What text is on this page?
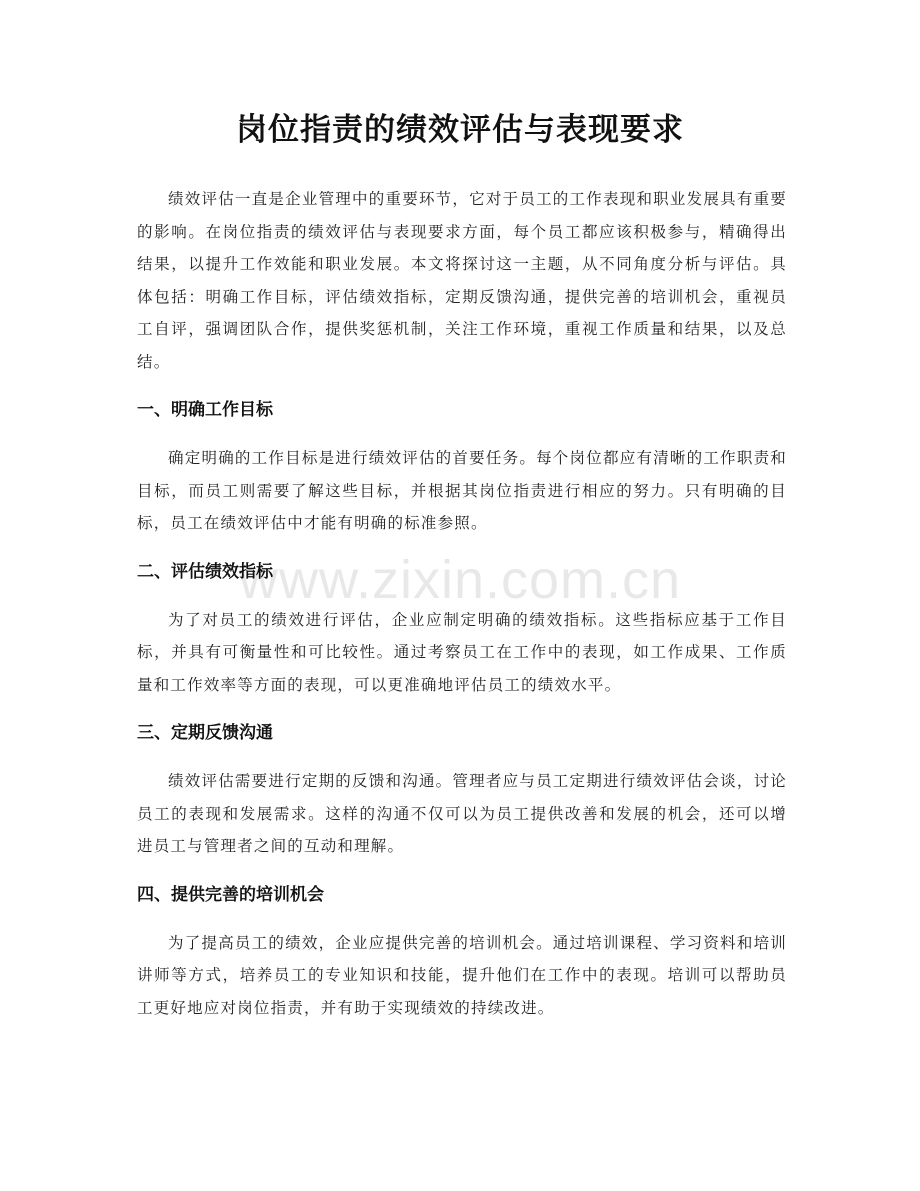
岗位指责的绩效评估与表现要求

绩效评估一直是企业管理中的重要环节，它对于员工的工作表现和职业发展具有重要的影响。在岗位指责的绩效评估与表现要求方面，每个员工都应该积极参与，精确得出结果，以提升工作效能和职业发展。本文将探讨这一主题，从不同角度分析与评估。具体包括：明确工作目标，评估绩效指标，定期反馈沟通，提供完善的培训机会，重视员工自评，强调团队合作，提供奖惩机制，关注工作环境，重视工作质量和结果，以及总结。

一、明确工作目标

确定明确的工作目标是进行绩效评估的首要任务。每个岗位都应有清晰的工作职责和目标，而员工则需要了解这些目标，并根据其岗位指责进行相应的努力。只有明确的目标，员工在绩效评估中才能有明确的标准参照。

二、评估绩效指标

为了对员工的绩效进行评估，企业应制定明确的绩效指标。这些指标应基于工作目标，并具有可衡量性和可比较性。通过考察员工在工作中的表现，如工作成果、工作质量和工作效率等方面的表现，可以更准确地评估员工的绩效水平。

三、定期反馈沟通

绩效评估需要进行定期的反馈和沟通。管理者应与员工定期进行绩效评估会谈，讨论员工的表现和发展需求。这样的沟通不仅可以为员工提供改善和发展的机会，还可以增进员工与管理者之间的互动和理解。

四、提供完善的培训机会

为了提高员工的绩效，企业应提供完善的培训机会。通过培训课程、学习资料和培训讲师等方式，培养员工的专业知识和技能，提升他们在工作中的表现。培训可以帮助员工更好地应对岗位指责，并有助于实现绩效的持续改进。

www.zixin.com.cn
